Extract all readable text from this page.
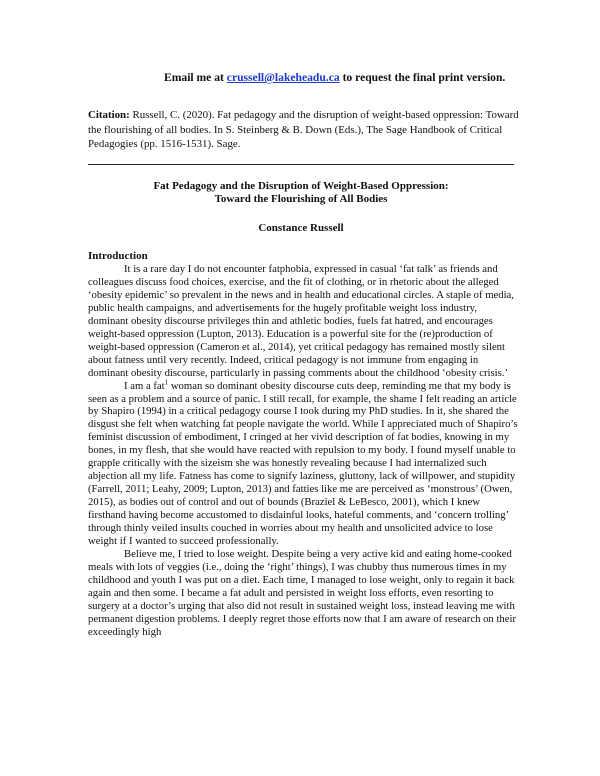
Email me at crussell@lakeheadu.ca to request the final print version.
Citation: Russell, C. (2020). Fat pedagogy and the disruption of weight-based oppression: Toward the flourishing of all bodies. In S. Steinberg & B. Down (Eds.), The Sage Handbook of Critical Pedagogies (pp. 1516-1531). Sage.
Fat Pedagogy and the Disruption of Weight-Based Oppression:
Toward the Flourishing of All Bodies
Constance Russell
Introduction

It is a rare day I do not encounter fatphobia, expressed in casual ‘fat talk’ as friends and colleagues discuss food choices, exercise, and the fit of clothing, or in rhetoric about the alleged ‘obesity epidemic’ so prevalent in the news and in health and educational circles. A staple of media, public health campaigns, and advertisements for the hugely profitable weight loss industry, dominant obesity discourse privileges thin and athletic bodies, fuels fat hatred, and encourages weight-based oppression (Lupton, 2013). Education is a powerful site for the (re)production of weight-based oppression (Cameron et al., 2014), yet critical pedagogy has remained mostly silent about fatness until very recently. Indeed, critical pedagogy is not immune from engaging in dominant obesity discourse, particularly in passing comments about the childhood ‘obesity crisis.’

I am a fat$^1$ woman so dominant obesity discourse cuts deep, reminding me that my body is seen as a problem and a source of panic. I still recall, for example, the shame I felt reading an article by Shapiro (1994) in a critical pedagogy course I took during my PhD studies. In it, she shared the disgust she felt when watching fat people navigate the world. While I appreciated much of Shapiro’s feminist discussion of embodiment, I cringed at her vivid description of fat bodies, knowing in my bones, in my flesh, that she would have reacted with repulsion to my body. I found myself unable to grapple critically with the sizeism she was honestly revealing because I had internalized such abjection all my life. Fatness has come to signify laziness, gluttony, lack of willpower, and stupidity (Farrell, 2011; Leahy, 2009; Lupton, 2013) and fatties like me are perceived as ‘monstrous’ (Owen, 2015), as bodies out of control and out of bounds (Braziel & LeBesco, 2001), which I knew firsthand having become accustomed to disdainful looks, hateful comments, and ‘concern trolling’ through thinly veiled insults couched in worries about my health and unsolicited advice to lose weight if I wanted to succeed professionally.

Believe me, I tried to lose weight. Despite being a very active kid and eating home-cooked meals with lots of veggies (i.e., doing the ‘right’ things), I was chubby thus numerous times in my childhood and youth I was put on a diet. Each time, I managed to lose weight, only to regain it back again and then some. I became a fat adult and persisted in weight loss efforts, even resorting to surgery at a doctor’s urging that also did not result in sustained weight loss, instead leaving me with permanent digestion problems. I deeply regret those efforts now that I am aware of research on their exceedingly high
